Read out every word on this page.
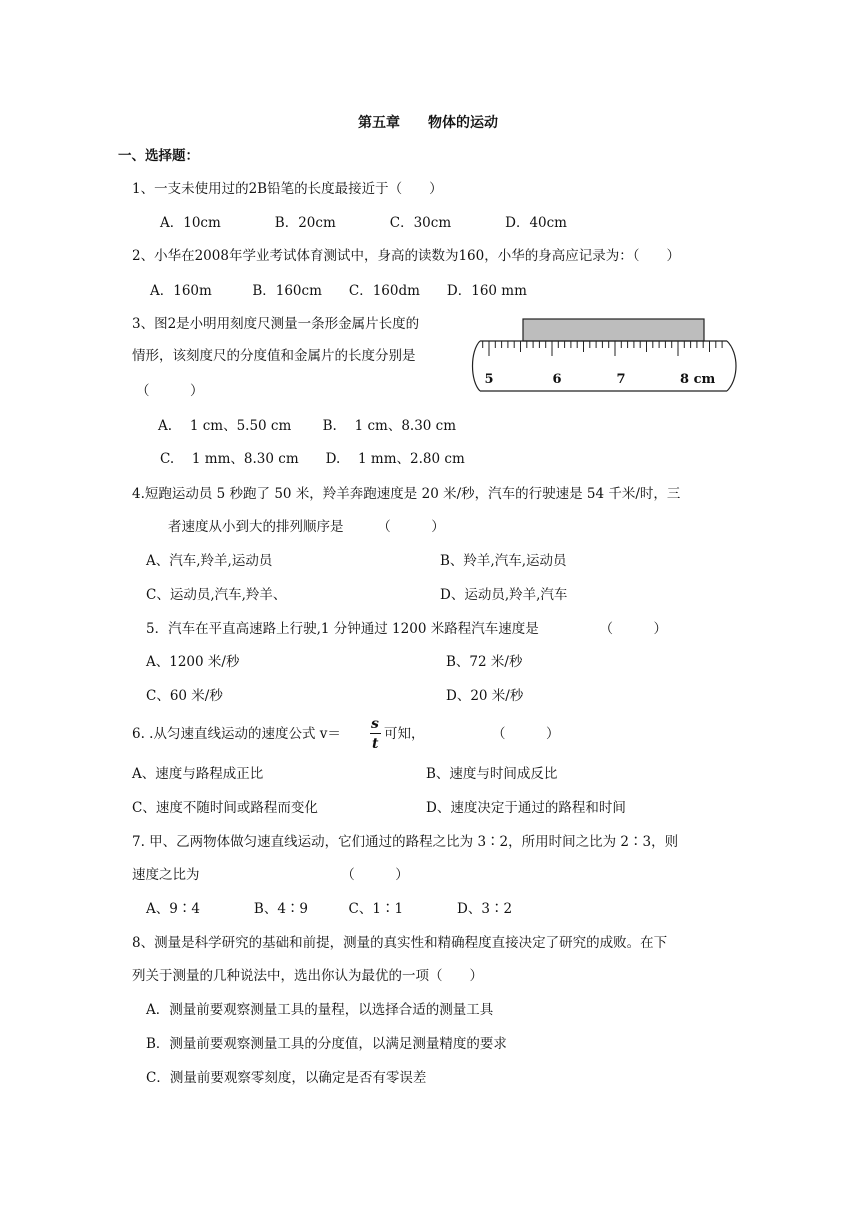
第五章　　物体的运动
一、选择题：
1、一支未使用过的2B铅笔的长度最接近于（　　）
A．10cm　　　　B．20cm　　　　C．30cm　　　　D．40cm
2、小华在2008年学业考试体育测试中，身高的读数为160，小华的身高应记录为：（　　）
A．160m　　　B．160cm　　C．160dm　　D．160 mm
3、图2是小明用刻度尺测量一条形金属片长度的
情形，该刻度尺的分度值和金属片的长度分别是
（　　　）
A.　 1 cm、5.50 cm　　 B.　 1 cm、8.30 cm
C.　 1 mm、8.30 cm　　D.　 1 mm、2.80 cm
5	6	7	8 cm
4.短跑运动员 5 秒跑了 50 米，羚羊奔跑速度是 20 米/秒，汽车的行驶速是 54 千米/时，三
者速度从小到大的排列顺序是　　　（　　　）
A、汽车,羚羊,运动员	B、羚羊,汽车,运动员
C、运动员,汽车,羚羊、	D、运动员,羚羊,汽车
5．汽车在平直高速路上行驶,1 分钟通过 1200 米路程汽车速度是　　　　　（　　　）
A、1200 米/秒	B、72 米/秒
C、60 米/秒	D、20 米/秒
6. .从匀速直线运动的速度公式 v＝
s
t
可知，　　　　　　（　　　）
A、速度与路程成正比	B、速度与时间成反比
C、速度不随时间或路程而变化	D、速度决定于通过的路程和时间
7. 甲、乙两物体做匀速直线运动，它们通过的路程之比为 3∶2，所用时间之比为 2∶3，则
速度之比为　　　　　　　　　　　（　　　）
A、9∶4　　　　B、4∶9　　　C、1∶1　　　　D、3∶2
8、测量是科学研究的基础和前提，测量的真实性和精确程度直接决定了研究的成败。在下
列关于测量的几种说法中，选出你认为最优的一项（　　）
A．测量前要观察测量工具的量程，以选择合适的测量工具
B．测量前要观察测量工具的分度值，以满足测量精度的要求
C．测量前要观察零刻度，以确定是否有零误差
